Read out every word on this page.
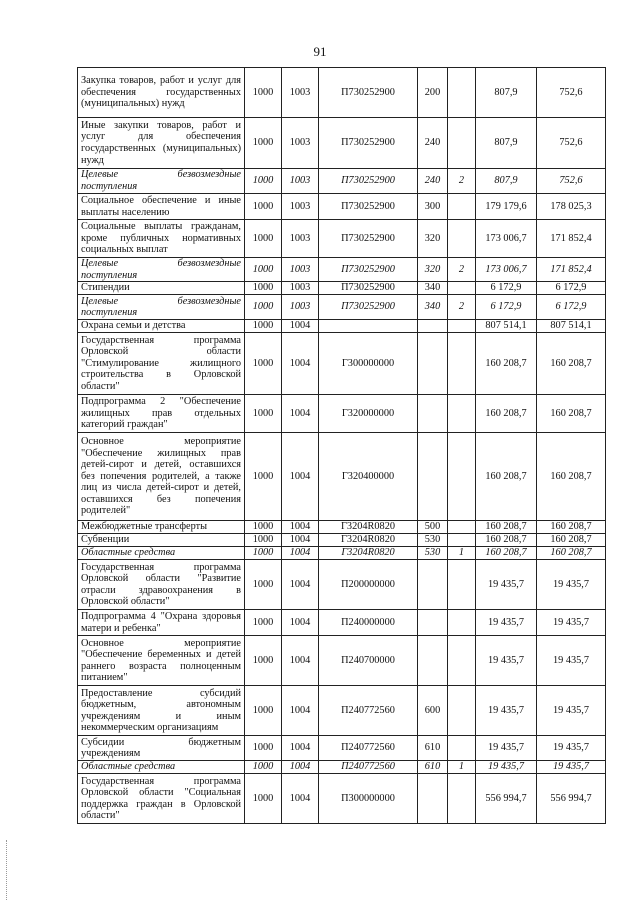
91
Закупка товаров, работ и услуг для обеспечения государственных (муниципальных) нужд	1000	1003	П730252900	200		807,9	752,6
Иные закупки товаров, работ и услуг для обеспечения государственных (муниципальных) нужд	1000	1003	П730252900	240		807,9	752,6
Целевые безвозмездные поступления	1000	1003	П730252900	240	2	807,9	752,6
Социальное обеспечение и иные выплаты населению	1000	1003	П730252900	300		179 179,6	178 025,3
Социальные выплаты гражданам, кроме публичных нормативных социальных выплат	1000	1003	П730252900	320		173 006,7	171 852,4
Целевые безвозмездные поступления	1000	1003	П730252900	320	2	173 006,7	171 852,4
Стипендии	1000	1003	П730252900	340		6 172,9	6 172,9
Целевые безвозмездные поступления	1000	1003	П730252900	340	2	6 172,9	6 172,9
Охрана семьи и детства	1000	1004				807 514,1	807 514,1
Государственная программа Орловской области "Стимулирование жилищного строительства в Орловской области"	1000	1004	Г300000000			160 208,7	160 208,7
Подпрограмма 2 "Обеспечение жилищных прав отдельных категорий граждан"	1000	1004	Г320000000			160 208,7	160 208,7
Основное мероприятие "Обеспечение жилищных прав детей-сирот и детей, оставшихся без попечения родителей, а также лиц из числа детей-сирот и детей, оставшихся без попечения родителей"	1000	1004	Г320400000			160 208,7	160 208,7
Межбюджетные трансферты	1000	1004	Г3204R0820	500		160 208,7	160 208,7
Субвенции	1000	1004	Г3204R0820	530		160 208,7	160 208,7
Областные средства	1000	1004	Г3204R0820	530	1	160 208,7	160 208,7
Государственная программа Орловской области "Развитие отрасли здравоохранения в Орловской области"	1000	1004	П200000000			19 435,7	19 435,7
Подпрограмма 4 "Охрана здоровья матери и ребенка"	1000	1004	П240000000			19 435,7	19 435,7
Основное мероприятие "Обеспечение беременных и детей раннего возраста полноценным питанием"	1000	1004	П240700000			19 435,7	19 435,7
Предоставление субсидий бюджетным, автономным учреждениям и иным некоммерческим организациям	1000	1004	П240772560	600		19 435,7	19 435,7
Субсидии бюджетным учреждениям	1000	1004	П240772560	610		19 435,7	19 435,7
Областные средства	1000	1004	П240772560	610	1	19 435,7	19 435,7
Государственная программа Орловской области "Социальная поддержка граждан в Орловской области"	1000	1004	П300000000			556 994,7	556 994,7
